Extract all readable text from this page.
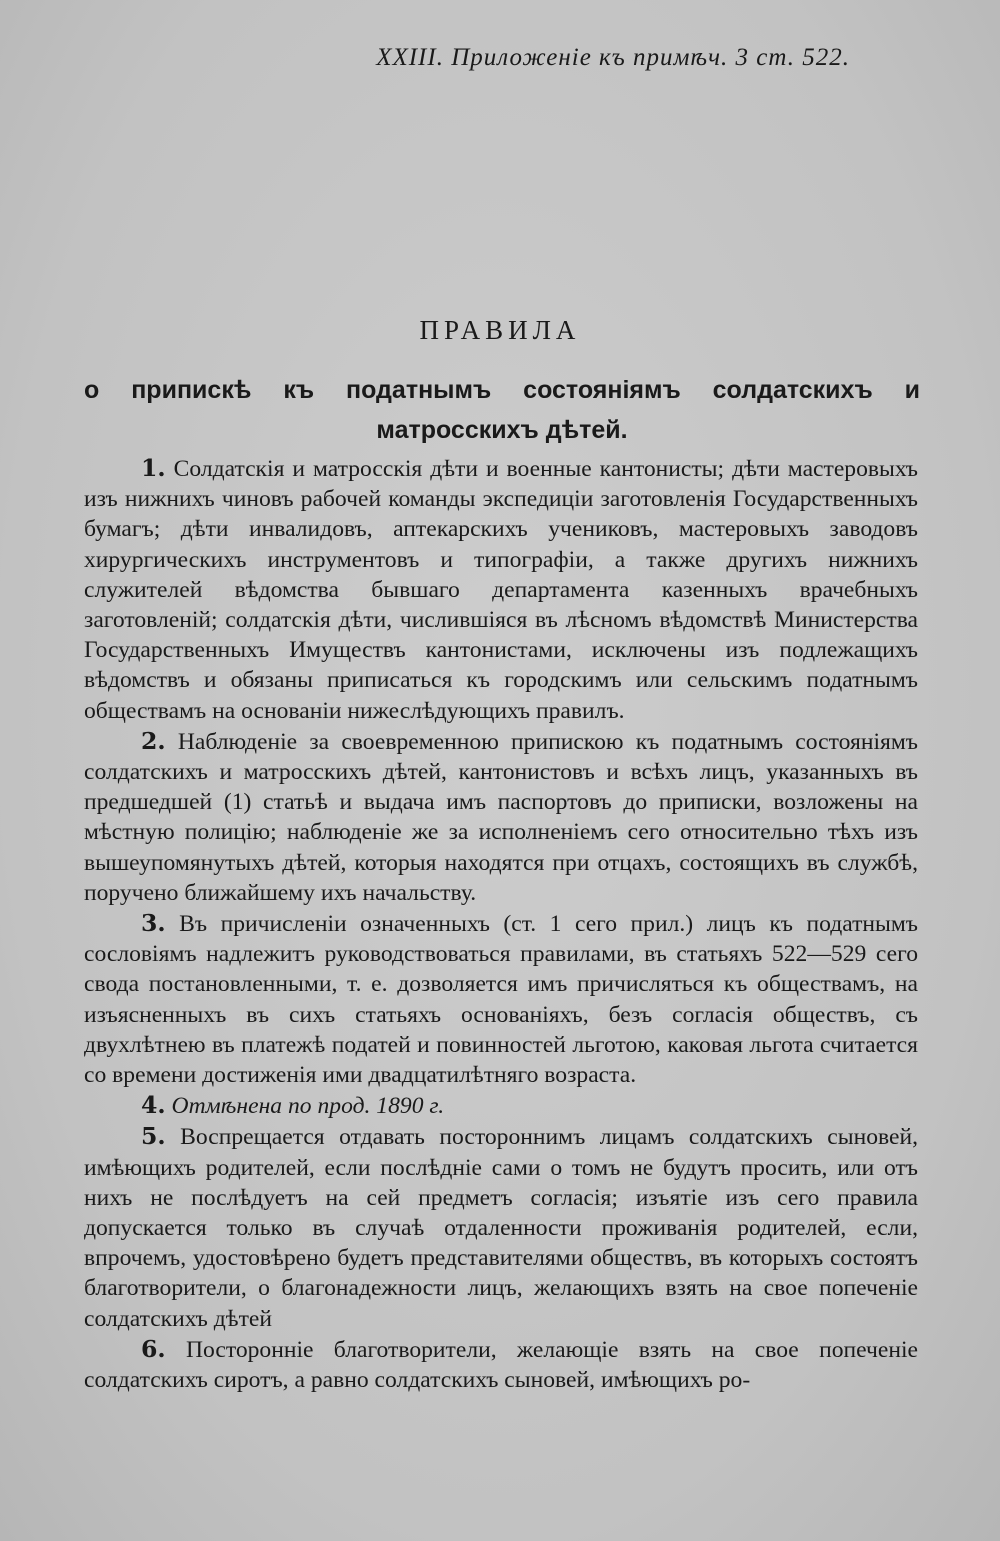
XXIII. Приложеніе къ примѣч. 3 ст. 522.
ПРАВИЛА
о припискѣ къ податнымъ состояніямъ солдатскихъ и матросскихъ дѣтей.

1. Солдатскія и матросскія дѣти и военные кантонисты; дѣти мастеровыхъ изъ нижнихъ чиновъ рабочей команды экспедиціи заготовленія Государственныхъ бумагъ; дѣти инвалидовъ, аптекарскихъ учениковъ, мастеровыхъ заводовъ хирургическихъ инструментовъ и типографіи, а также другихъ нижнихъ служителей вѣдомства бывшаго департамента казенныхъ врачебныхъ заготовленій; солдатскія дѣти, числившіяся въ лѣсномъ вѣдомствѣ Министерства Государственныхъ Имуществъ кантонистами, исключены изъ подлежащихъ вѣдомствъ и обязаны приписаться къ городскимъ или сельскимъ податнымъ обществамъ на основаніи нижеслѣдующихъ правилъ.

2. Наблюденіе за своевременною припискою къ податнымъ состояніямъ солдатскихъ и матросскихъ дѣтей, кантонистовъ и всѣхъ лицъ, указанныхъ въ предшедшей (1) статьѣ и выдача имъ паспортовъ до приписки, возложены на мѣстную полицію; наблюденіе же за исполненіемъ сего относительно тѣхъ изъ вышеупомянутыхъ дѣтей, которыя находятся при отцахъ, состоящихъ въ службѣ, поручено ближайшему ихъ начальству.

3. Въ причисленіи означенныхъ (ст. 1 сего прил.) лицъ къ податнымъ сословіямъ надлежитъ руководствоваться правилами, въ статьяхъ 522—529 сего свода постановленными, т. е. дозволяется имъ причисляться къ обществамъ, на изъясненныхъ въ сихъ статьяхъ основаніяхъ, безъ согласія обществъ, съ двухлѣтнею въ платежѣ податей и повинностей льготою, каковая льгота считается со времени достиженія ими двадцатилѣтняго возраста.

4. Отмѣнена по прод. 1890 г.

5. Воспрещается отдавать постороннимъ лицамъ солдатскихъ сыновей, имѣющихъ родителей, если послѣдніе сами о томъ не будутъ просить, или отъ нихъ не послѣдуетъ на сей предметъ согласія; изъятіе изъ сего правила допускается только въ случаѣ отдаленности проживанія родителей, если, впрочемъ, удостовѣрено будетъ представителями обществъ, въ которыхъ состоятъ благотворители, о благонадежности лицъ, желающихъ взять на свое попеченіе солдатскихъ дѣтей

6. Посторонніе благотворители, желающіе взять на свое попеченіе солдатскихъ сиротъ, а равно солдатскихъ сыновей, имѣющихъ ро-
